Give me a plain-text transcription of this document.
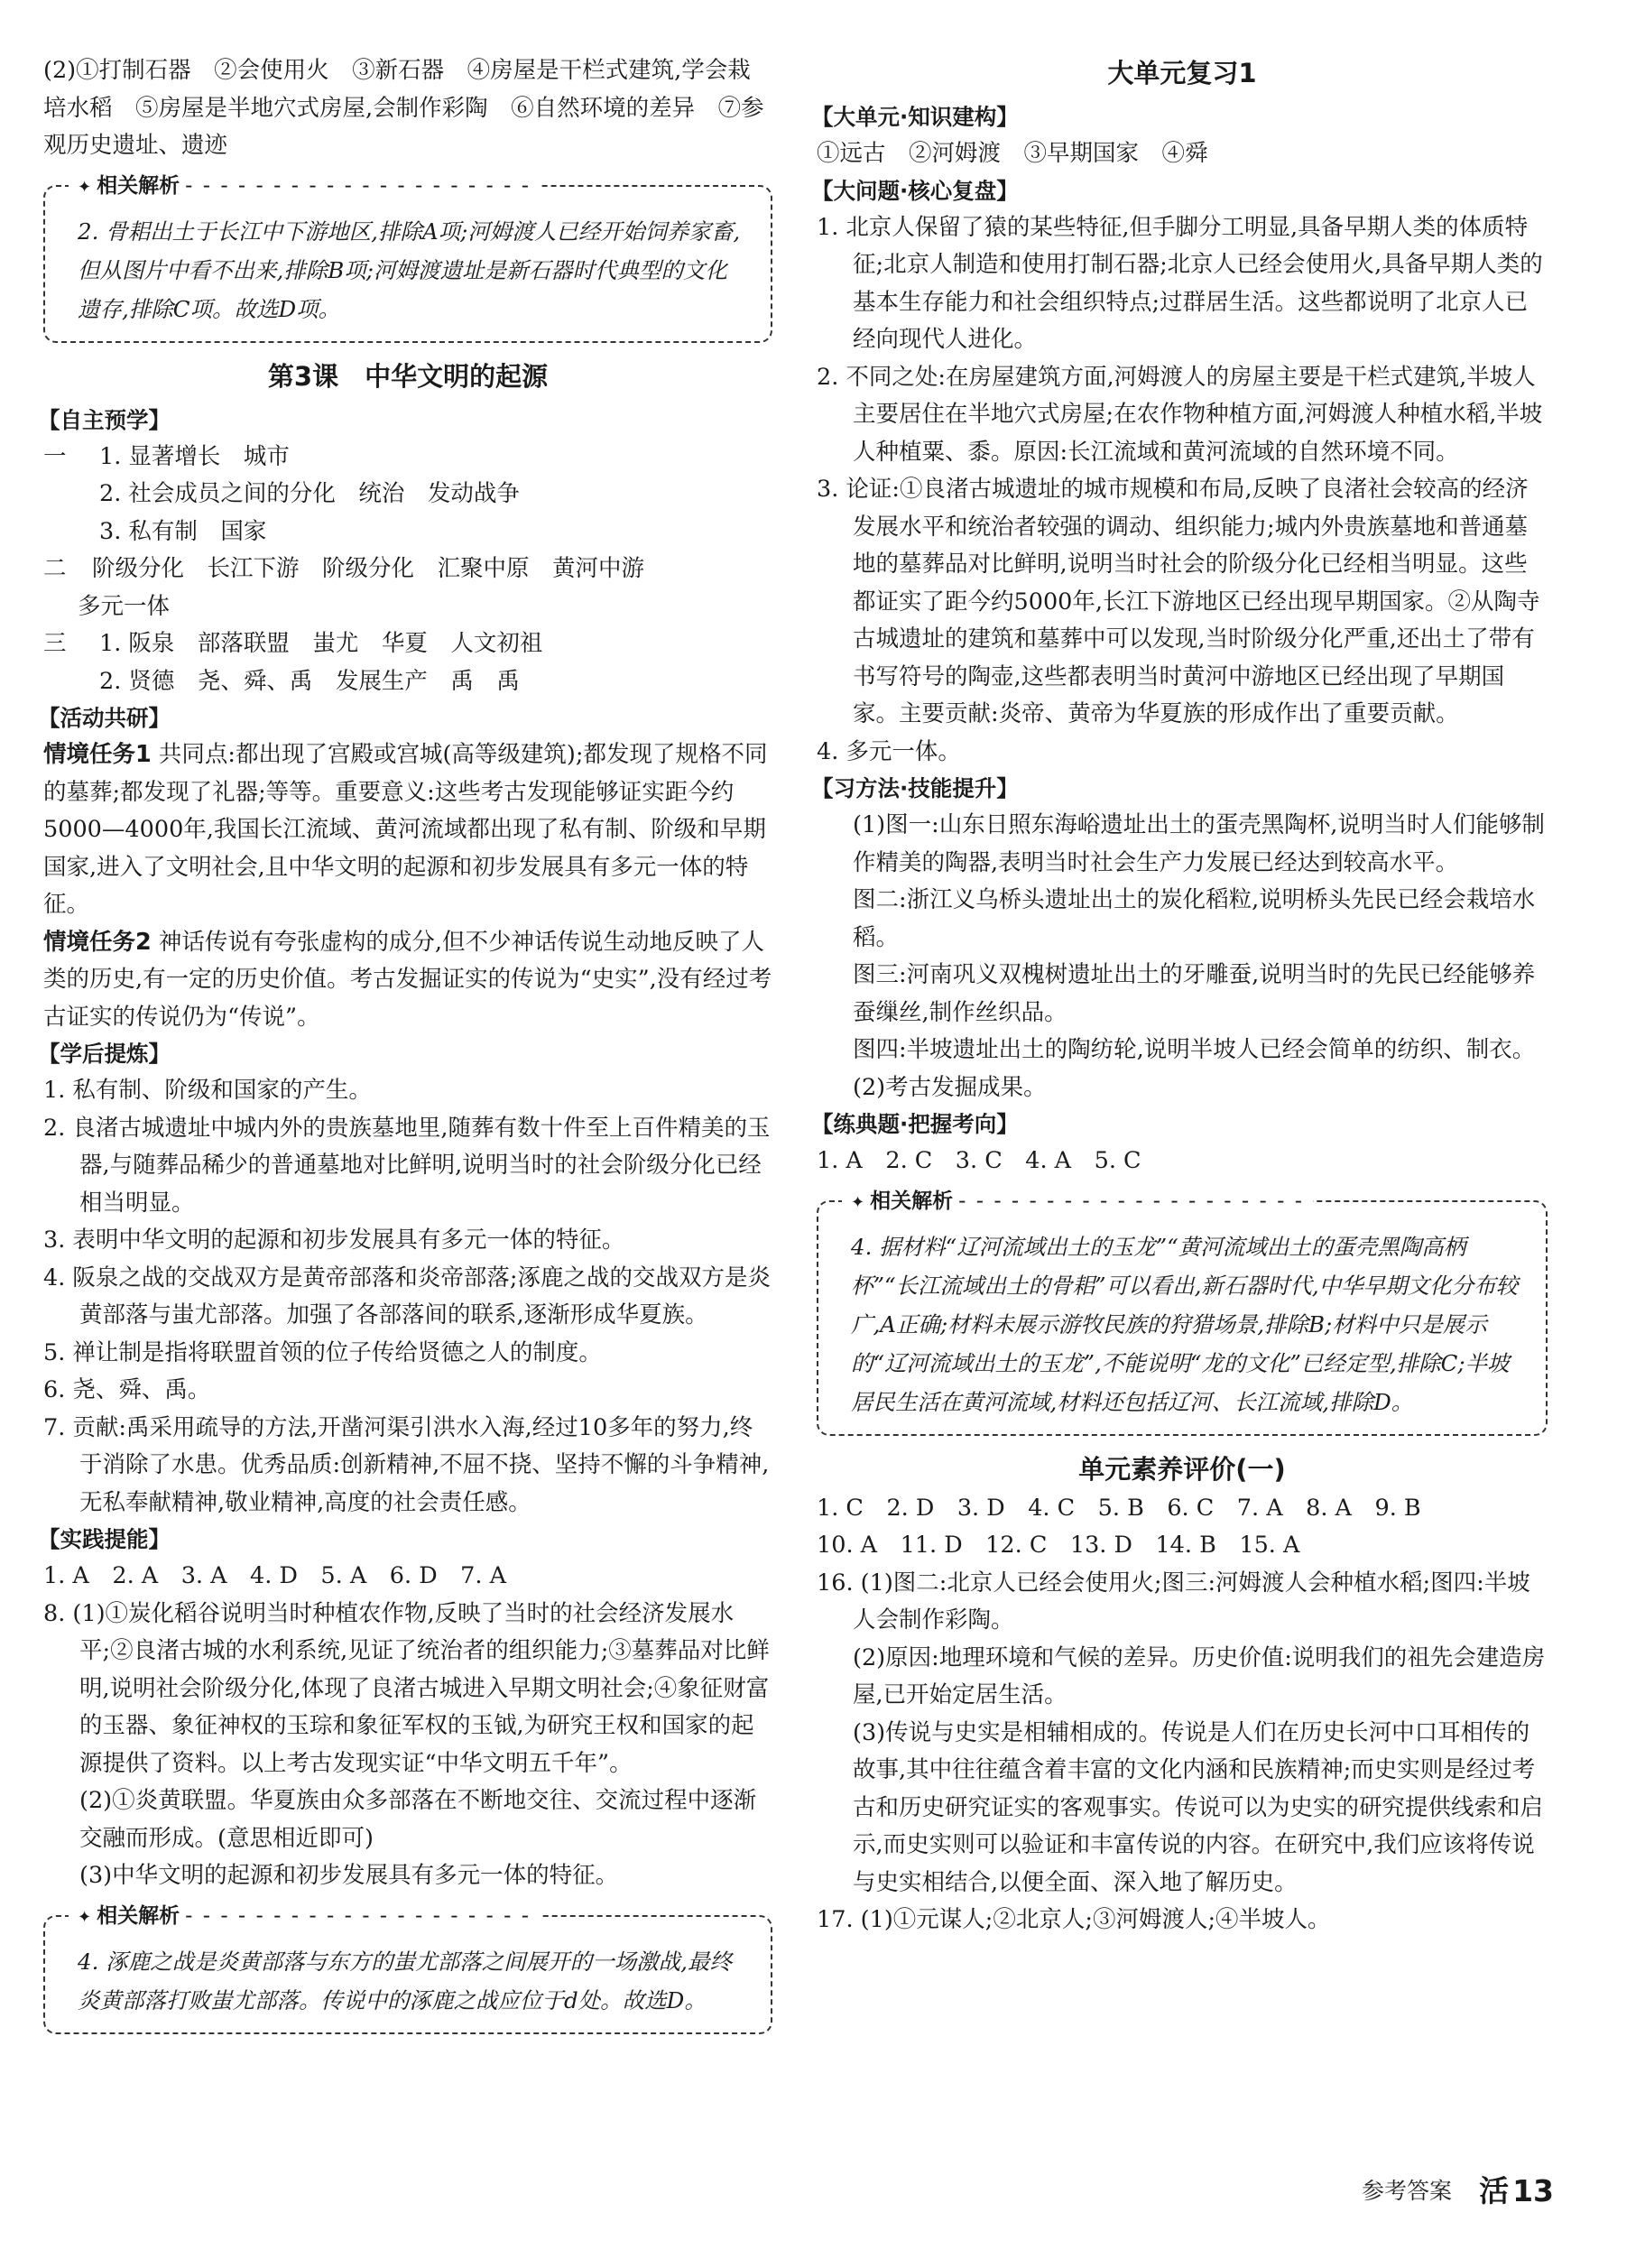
(2)①打制石器　②会使用火　③新石器　④房屋是干栏式建筑,学会栽培水稻　⑤房屋是半地穴式房屋,会制作彩陶　⑥自然环境的差异　⑦参观历史遗址、遗迹

✦ 相关解析 - - - - - - - - - - - - - - - - - - - -

2. 骨耜出土于长江中下游地区,排除A项;河姆渡人已经开始饲养家畜,但从图片中看不出来,排除B项;河姆渡遗址是新石器时代典型的文化遗存,排除C项。故选D项。

第3课　中华文明的起源
【自主预学】
一	1. 显著增长　城市
2. 社会成员之间的分化　统治　发动战争
3. 私有制　国家
二	阶级分化　长江下游　阶级分化　汇聚中原　黄河中游
多元一体
三	1. 阪泉　部落联盟　蚩尤　华夏　人文初祖
2. 贤德　尧、舜、禹　发展生产　禹　禹
【活动共研】

情境任务1 共同点:都出现了宫殿或宫城(高等级建筑);都发现了规格不同的墓葬;都发现了礼器;等等。重要意义:这些考古发现能够证实距今约5000—4000年,我国长江流域、黄河流域都出现了私有制、阶级和早期国家,进入了文明社会,且中华文明的起源和初步发展具有多元一体的特征。

情境任务2 神话传说有夸张虚构的成分,但不少神话传说生动地反映了人类的历史,有一定的历史价值。考古发掘证实的传说为“史实”,没有经过考古证实的传说仍为“传说”。

【学后提炼】

1. 私有制、阶级和国家的产生。

2. 良渚古城遗址中城内外的贵族墓地里,随葬有数十件至上百件精美的玉器,与随葬品稀少的普通墓地对比鲜明,说明当时的社会阶级分化已经相当明显。

3. 表明中华文明的起源和初步发展具有多元一体的特征。

4. 阪泉之战的交战双方是黄帝部落和炎帝部落;涿鹿之战的交战双方是炎黄部落与蚩尤部落。加强了各部落间的联系,逐渐形成华夏族。

5. 禅让制是指将联盟首领的位子传给贤德之人的制度。

6. 尧、舜、禹。

7. 贡献:禹采用疏导的方法,开凿河渠引洪水入海,经过10多年的努力,终于消除了水患。优秀品质:创新精神,不屈不挠、坚持不懈的斗争精神,无私奉献精神,敬业精神,高度的社会责任感。

【实践提能】

1. A　2. A　3. A　4. D　5. A　6. D　7. A

8. (1)①炭化稻谷说明当时种植农作物,反映了当时的社会经济发展水平;②良渚古城的水利系统,见证了统治者的组织能力;③墓葬品对比鲜明,说明社会阶级分化,体现了良渚古城进入早期文明社会;④象征财富的玉器、象征神权的玉琮和象征军权的玉钺,为研究王权和国家的起源提供了资料。以上考古发现实证“中华文明五千年”。

(2)①炎黄联盟。华夏族由众多部落在不断地交往、交流过程中逐渐交融而形成。(意思相近即可)

(3)中华文明的起源和初步发展具有多元一体的特征。

✦ 相关解析 - - - - - - - - - - - - - - - - - - - -

4. 涿鹿之战是炎黄部落与东方的蚩尤部落之间展开的一场激战,最终炎黄部落打败蚩尤部落。传说中的涿鹿之战应位于d处。故选D。

大单元复习1
【大单元·知识建构】

①远古　②河姆渡　③早期国家　④舜

【大问题·核心复盘】

1. 北京人保留了猿的某些特征,但手脚分工明显,具备早期人类的体质特征;北京人制造和使用打制石器;北京人已经会使用火,具备早期人类的基本生存能力和社会组织特点;过群居生活。这些都说明了北京人已经向现代人进化。

2. 不同之处:在房屋建筑方面,河姆渡人的房屋主要是干栏式建筑,半坡人主要居住在半地穴式房屋;在农作物种植方面,河姆渡人种植水稻,半坡人种植粟、黍。原因:长江流域和黄河流域的自然环境不同。

3. 论证:①良渚古城遗址的城市规模和布局,反映了良渚社会较高的经济发展水平和统治者较强的调动、组织能力;城内外贵族墓地和普通墓地的墓葬品对比鲜明,说明当时社会的阶级分化已经相当明显。这些都证实了距今约5000年,长江下游地区已经出现早期国家。②从陶寺古城遗址的建筑和墓葬中可以发现,当时阶级分化严重,还出土了带有书写符号的陶壶,这些都表明当时黄河中游地区已经出现了早期国家。主要贡献:炎帝、黄帝为华夏族的形成作出了重要贡献。

4. 多元一体。

【习方法·技能提升】

(1)图一:山东日照东海峪遗址出土的蛋壳黑陶杯,说明当时人们能够制作精美的陶器,表明当时社会生产力发展已经达到较高水平。

图二:浙江义乌桥头遗址出土的炭化稻粒,说明桥头先民已经会栽培水稻。

图三:河南巩义双槐树遗址出土的牙雕蚕,说明当时的先民已经能够养蚕缫丝,制作丝织品。

图四:半坡遗址出土的陶纺轮,说明半坡人已经会简单的纺织、制衣。

(2)考古发掘成果。

【练典题·把握考向】

1. A　2. C　3. C　4. A　5. C

✦ 相关解析 - - - - - - - - - - - - - - - - - - - -

4. 据材料“辽河流域出土的玉龙”“黄河流域出土的蛋壳黑陶高柄杯”“长江流域出土的骨耜”可以看出,新石器时代,中华早期文化分布较广,A正确;材料未展示游牧民族的狩猎场景,排除B;材料中只是展示的“辽河流域出土的玉龙”,不能说明“龙的文化”已经定型,排除C;半坡居民生活在黄河流域,材料还包括辽河、长江流域,排除D。

单元素养评价(一)

1. C　2. D　3. D　4. C　5. B　6. C　7. A　8. A　9. B

10. A　11. D　12. C　13. D　14. B　15. A

16. (1)图二:北京人已经会使用火;图三:河姆渡人会种植水稻;图四:半坡人会制作彩陶。

(2)原因:地理环境和气候的差异。历史价值:说明我们的祖先会建造房屋,已开始定居生活。

(3)传说与史实是相辅相成的。传说是人们在历史长河中口耳相传的故事,其中往往蕴含着丰富的文化内涵和民族精神;而史实则是经过考古和历史研究证实的客观事实。传说可以为史实的研究提供线索和启示,而史实则可以验证和丰富传说的内容。在研究中,我们应该将传说与史实相结合,以便全面、深入地了解历史。

17. (1)①元谋人;②北京人;③河姆渡人;④半坡人。

参考答案 活 13
